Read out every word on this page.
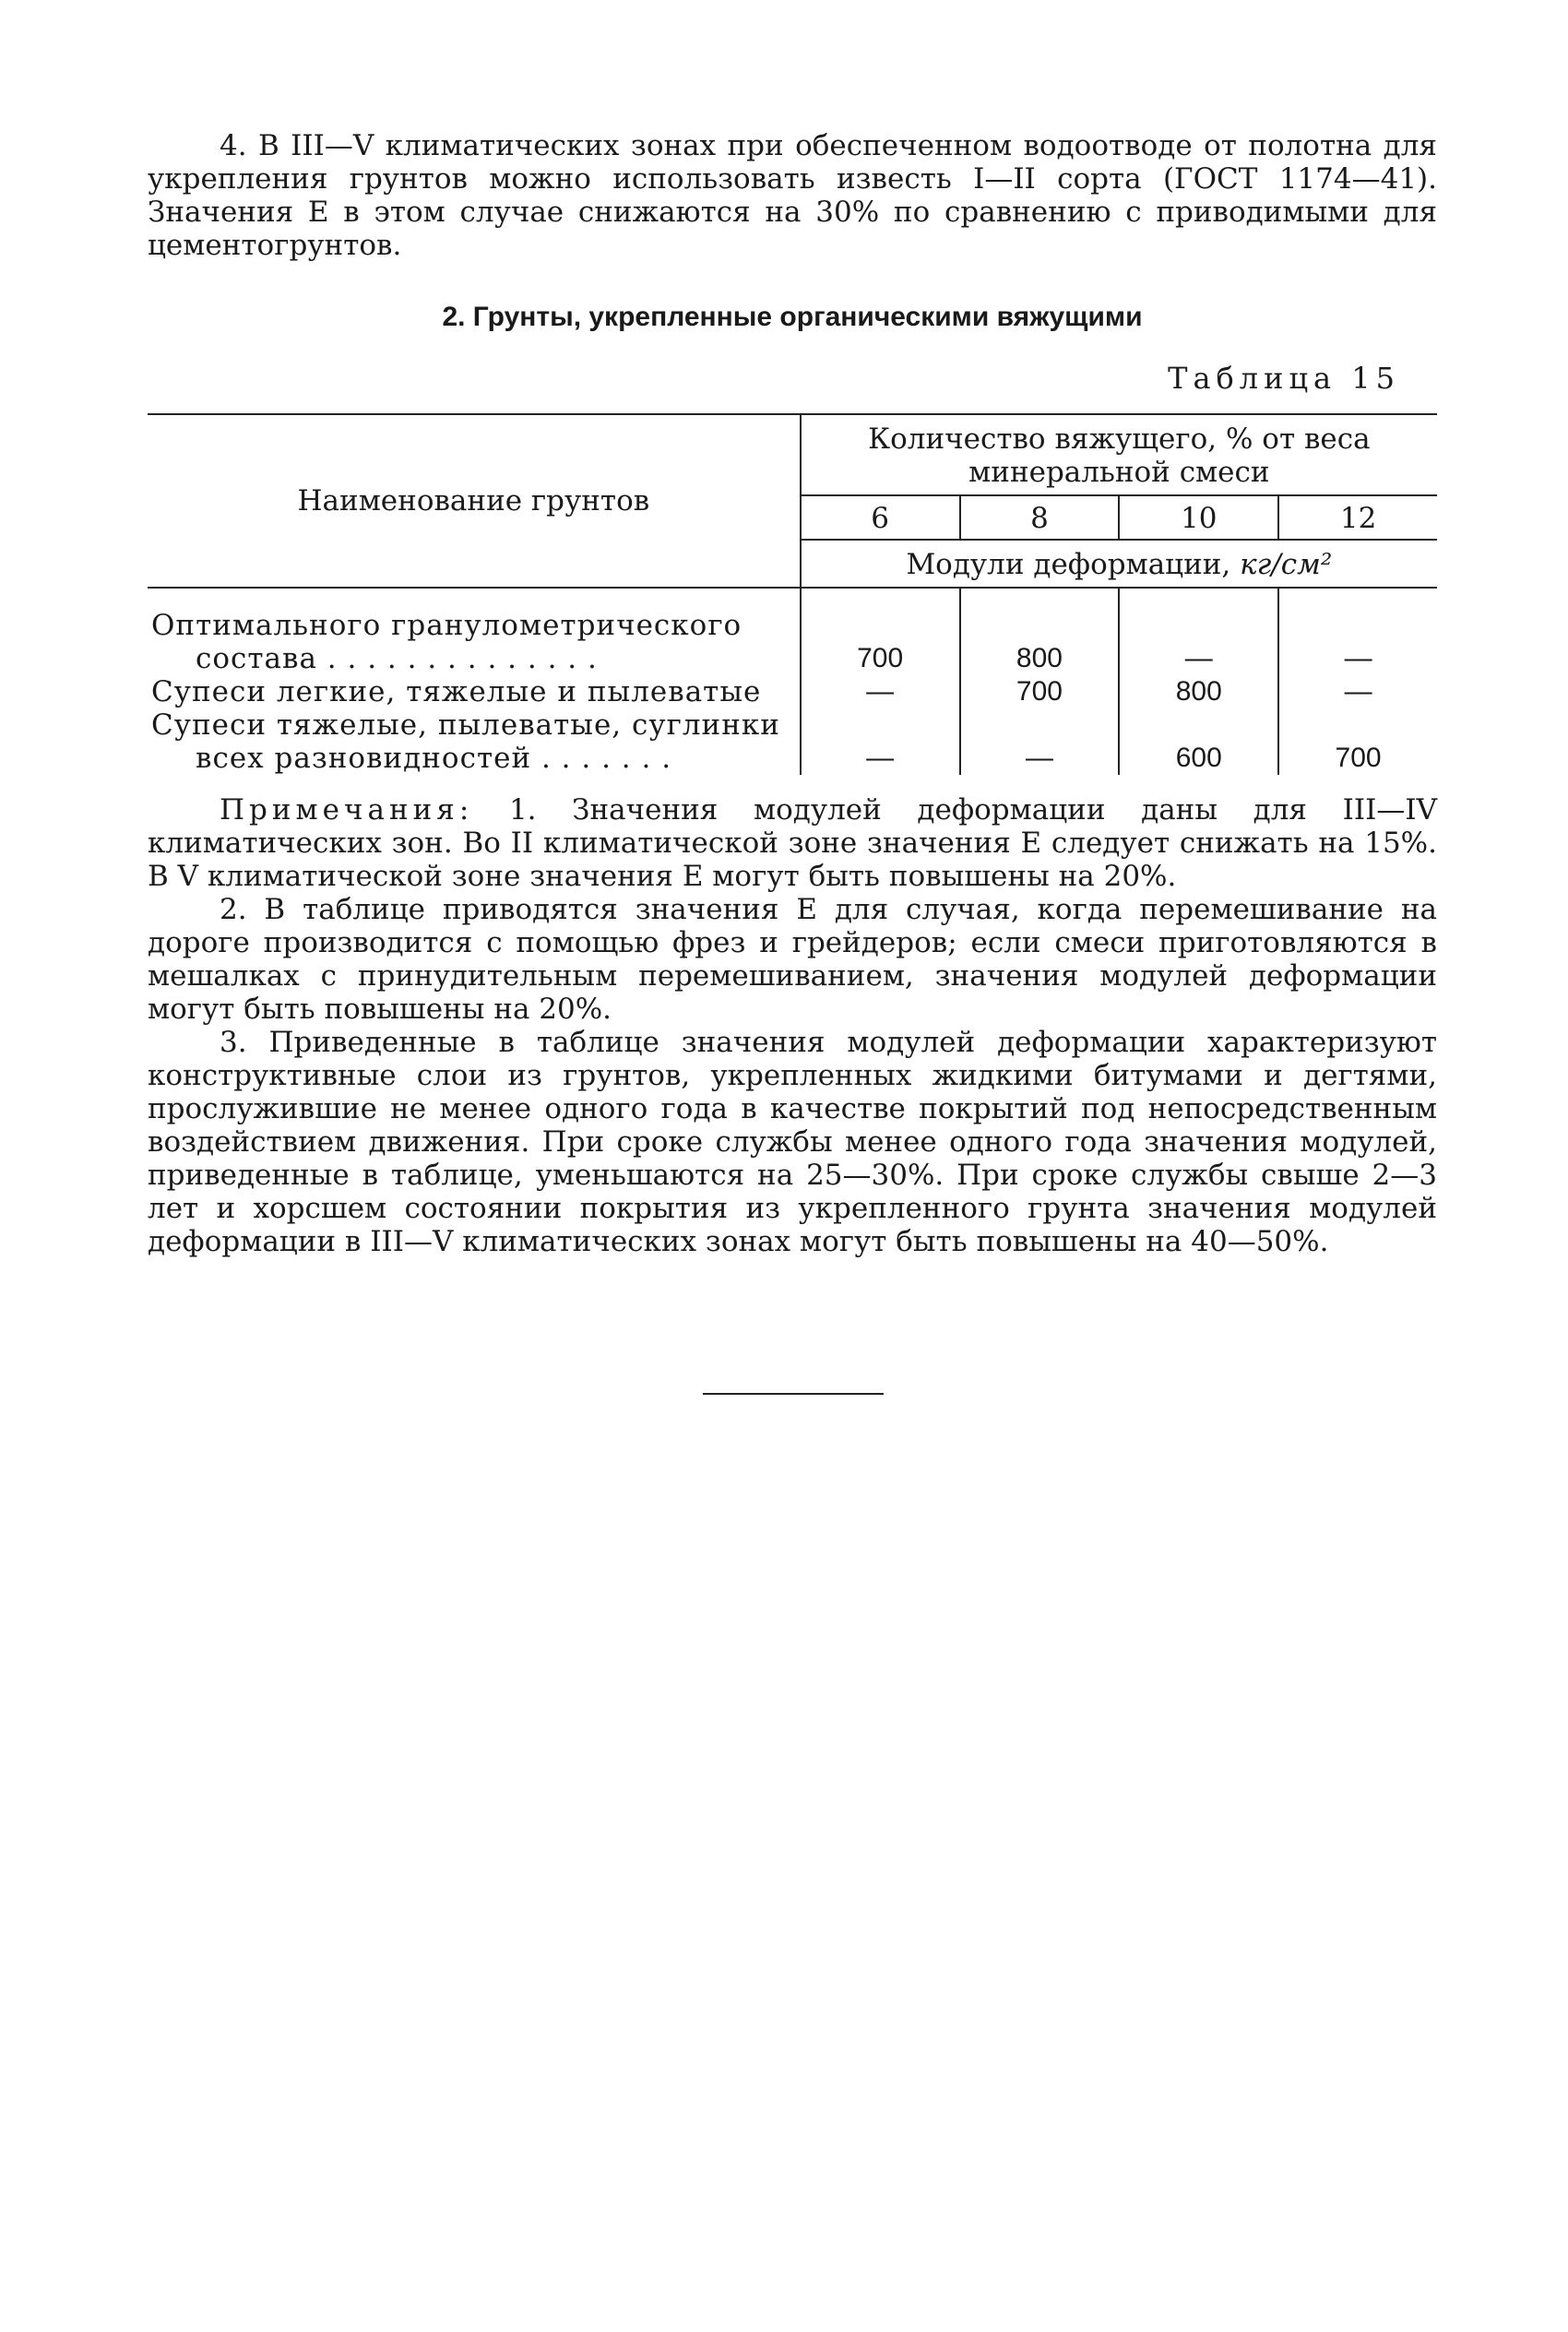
4. В III—V климатических зонах при обеспеченном водоотводе от полотна для укрепления грунтов можно использовать известь I—II сорта (ГОСТ 1174—41). Значения E в этом случае снижаются на 30% по сравнению с приводимыми для цементогрунтов.

2. Грунты, укрепленные органическими вяжущими
Таблица 15
Наименование грунтов	Количество вяжущего, % от веса минеральной смеси			
	6	8	10	12
	Модули деформации, кг/см²			

Оптимального гранулометрического
состава . . . . . . . . . . . . . .	700	800	—	—

Супеси легкие, тяжелые и пылеватые	—	700	800	—

Супеси тяжелые, пылеватые, суглинки
всех разновидностей . . . . . . .	—	—	600	700

Примечания: 1. Значения модулей деформации даны для III—IV климатических зон. Во II климатической зоне значения E следует снижать на 15%. В V климатической зоне значения E могут быть повышены на 20%.

2. В таблице приводятся значения E для случая, когда перемешивание на дороге производится с помощью фрез и грейдеров; если смеси приготовляются в мешалках с принудительным перемешиванием, значения модулей деформации могут быть повышены на 20%.

3. Приведенные в таблице значения модулей деформации характеризуют конструктивные слои из грунтов, укрепленных жидкими битумами и дегтями, прослужившие не менее одного года в качестве покрытий под непосредственным воздействием движения. При сроке службы менее одного года значения модулей, приведенные в таблице, уменьшаются на 25—30%. При сроке службы свыше 2—3 лет и хорсшем состоянии покрытия из укрепленного грунта значения модулей деформации в III—V климатических зонах могут быть повышены на 40—50%.
